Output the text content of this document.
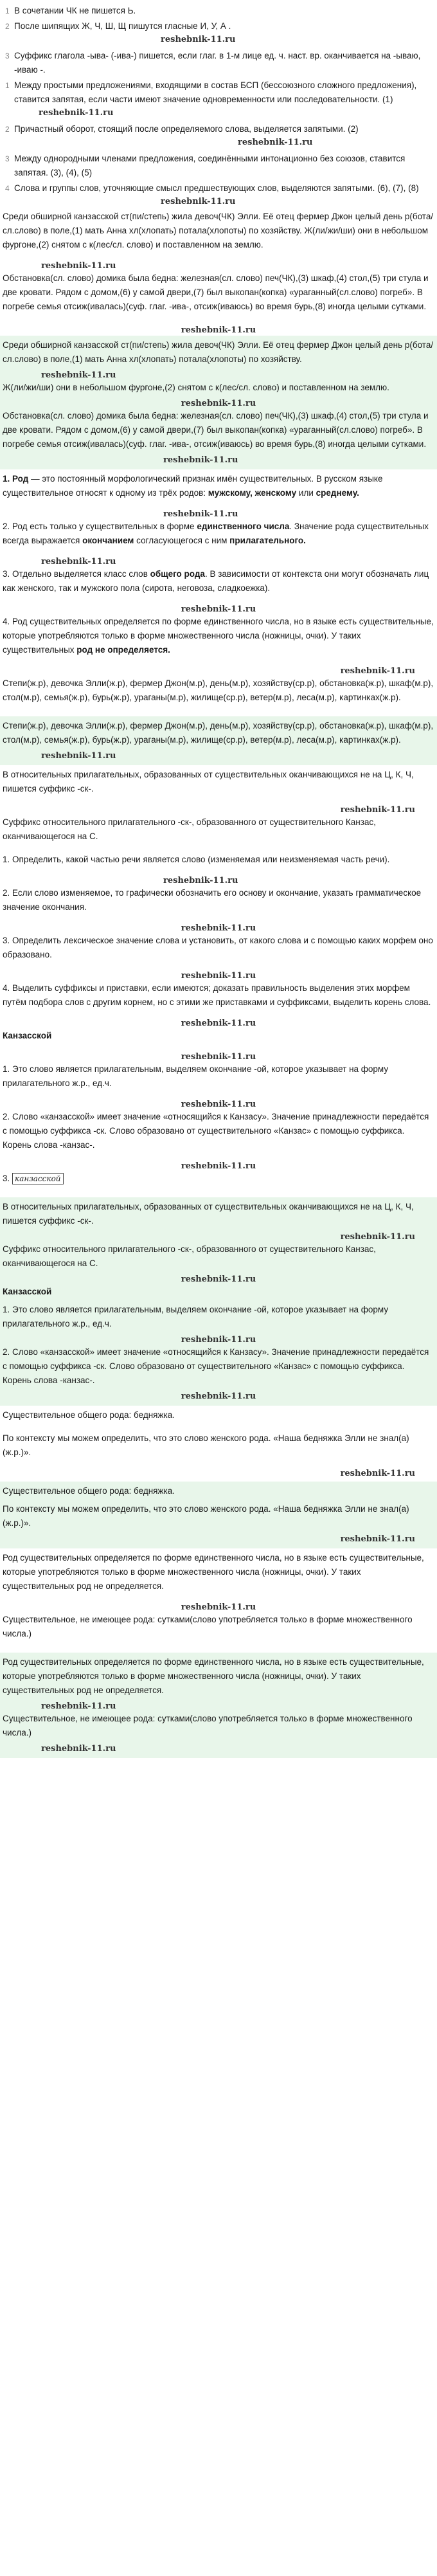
1 В сочетании ЧК не пишется Ь.
2 После шипящих Ж, Ч, Ш, Щ пишутся гласные И, У, А .
reshebnik-11.ru
3 Суффикс глагола -ыва- (-ива-) пишется, если глаг. в 1-м лице ед. ч. наст. вр. оканчивается на -ываю, -иваю -.
1 Между простыми предложениями, входящими в состав БСП (бессоюзного сложного предложения), ставится запятая, если части имеют значение одновременности или последовательности. (1)
reshebnik-11.ru
2 Причастный оборот, стоящий после определяемого слова, выделяется запятыми. (2)
reshebnik-11.ru
3 Между однородными членами предложения, соединёнными интонационно без союзов, ставится запятая. (3), (4), (5)
4 Слова и группы слов, уточняющие смысл предшествующих слов, выделяются запятыми. (6), (7), (8)
reshebnik-11.ru

Среди обширной канзасской ст(пи/степь) жила девоч(ЧК) Элли. Её отец фермер Джон целый день р(бота/сл.слово) в поле,(1) мать Анна хл(хлопать) потала(хлопоты) по хозяйству. Ж(ли/жи/ши) они в небольшом фургоне,(2) снятом с к(лес/сл. слово) и поставленном на землю.

reshebnik-11.ru

Обстановка(сл. слово) домика была бедна: железная(сл. слово) печ(ЧК),(3) шкаф,(4) стол,(5) три стула и две кровати. Рядом с домом,(6) у самой двери,(7) был выкопан(копка) «ураганный(сл.слово) погреб». В погребе семья отсиж(ивалась)(суф. глаг. -ива-, отсиж(иваюсь) во время бурь,(8) иногда целыми сутками.

reshebnik-11.ru

Среди обширной канзасской ст(пи/степь) жила девоч(ЧК) Элли. Её отец фермер Джон целый день р(бота/сл.слово) в поле,(1) мать Анна хл(хлопать) потала(хлопоты) по хозяйству.

reshebnik-11.ru

Ж(ли/жи/ши) они в небольшом фургоне,(2) снятом с к(лес/сл. слово) и поставленном на землю.

reshebnik-11.ru

Обстановка(сл. слово) домика была бедна: железная(сл. слово) печ(ЧК),(3) шкаф,(4) стол,(5) три стула и две кровати. Рядом с домом,(6) у самой двери,(7) был выкопан(копка) «ураганный(сл.слово) погреб». В погребе семья отсиж(ивалась)(суф. глаг. -ива-, отсиж(иваюсь) во время бурь,(8) иногда целыми сутками.

reshebnik-11.ru

1. Род — это постоянный морфологический признак имён существительных. В русском языке существительное относят к одному из трёх родов: мужскому, женскому или среднему.

reshebnik-11.ru

2. Род есть только у существительных в форме единственного числа. Значение рода существительных всегда выражается окончанием согласующегося с ним прилагательного.

reshebnik-11.ru

3. Отдельно выделяется класс слов общего рода. В зависимости от контекста они могут обозначать лиц как женского, так и мужского пола (сирота, неговоза, сладкоежка).

reshebnik-11.ru

4. Род существительных определяется по форме единственного числа, но в языке есть существительные, которые употребляются только в форме множественного числа (ножницы, очки). У таких существительных род не определяется.

reshebnik-11.ru

Степи(ж.р), девочка Элли(ж.р), фермер Джон(м.р), день(м.р), хозяйству(ср.р), обстановка(ж.р), шкаф(м.р), стол(м.р), семья(ж.р), бурь(ж.р), ураганы(м.р), жилище(ср.р), ветер(м.р), леса(м.р), картинках(ж.р).

Степи(ж.р), девочка Элли(ж.р), фермер Джон(м.р), день(м.р), хозяйству(ср.р), обстановка(ж.р), шкаф(м.р), стол(м.р), семья(ж.р), бурь(ж.р), ураганы(м.р), жилище(ср.р), ветер(м.р), леса(м.р), картинках(ж.р).

reshebnik-11.ru

В относительных прилагательных, образованных от существительных оканчивающихся не на Ц, К, Ч, пишется суффикс -ск-.

reshebnik-11.ru

Суффикс относительного прилагательного -ск-, образованного от существительного Канзас, оканчивающегося на С.

1. Определить, какой частью речи является слово (изменяемая или неизменяемая часть речи).

reshebnik-11.ru

2. Если слово изменяемое, то графически обозначить его основу и окончание, указать грамматическое значение окончания.

reshebnik-11.ru

3. Определить лексическое значение слова и установить, от какого слова и с помощью каких морфем оно образовано.

reshebnik-11.ru

4. Выделить суффиксы и приставки, если имеются; доказать правильность выделения этих морфем путём подбора слов с другим корнем, но с этими же приставками и суффиксами, выделить корень слова.

reshebnik-11.ru

Канзасской

reshebnik-11.ru

1. Это слово является прилагательным, выделяем окончание -ой, которое указывает на форму прилагательного ж.р., ед.ч.

reshebnik-11.ru

2. Слово «канзасской» имеет значение «относящийся к Канзасу». Значение принадлежности передаётся с помощью суффикса -ск. Слово образовано от существительного «Канзас» с помощью суффикса. Корень слова -канзас-.

reshebnik-11.ru

3. канзасской

В относительных прилагательных, образованных от существительных оканчивающихся не на Ц, К, Ч, пишется суффикс -ск-.

reshebnik-11.ru

Суффикс относительного прилагательного -ск-, образованного от существительного Канзас, оканчивающегося на С.

reshebnik-11.ru

Канзасской

1. Это слово является прилагательным, выделяем окончание -ой, которое указывает на форму прилагательного ж.р., ед.ч.

reshebnik-11.ru

2. Слово «канзасской» имеет значение «относящийся к Канзасу». Значение принадлежности передаётся с помощью суффикса -ск. Слово образовано от существительного «Канзас» с помощью суффикса. Корень слова -канзас-.

reshebnik-11.ru

Существительное общего рода: бедняжка.

По контексту мы можем определить, что это слово женского рода. «Наша бедняжка Элли не знал(а)(ж.р.)».

reshebnik-11.ru

Существительное общего рода: бедняжка.

По контексту мы можем определить, что это слово женского рода. «Наша бедняжка Элли не знал(а)(ж.р.)».

reshebnik-11.ru

Род существительных определяется по форме единственного числа, но в языке есть существительные, которые употребляются только в форме множественного числа (ножницы, очки). У таких существительных род не определяется.

reshebnik-11.ru

Существительное, не имеющее рода: сутками(слово употребляется только в форме множественного числа.)

Род существительных определяется по форме единственного числа, но в языке есть существительные, которые употребляются только в форме множественного числа (ножницы, очки). У таких существительных род не определяется.

reshebnik-11.ru

Существительное, не имеющее рода: сутками(слово употребляется только в форме множественного числа.)

reshebnik-11.ru
